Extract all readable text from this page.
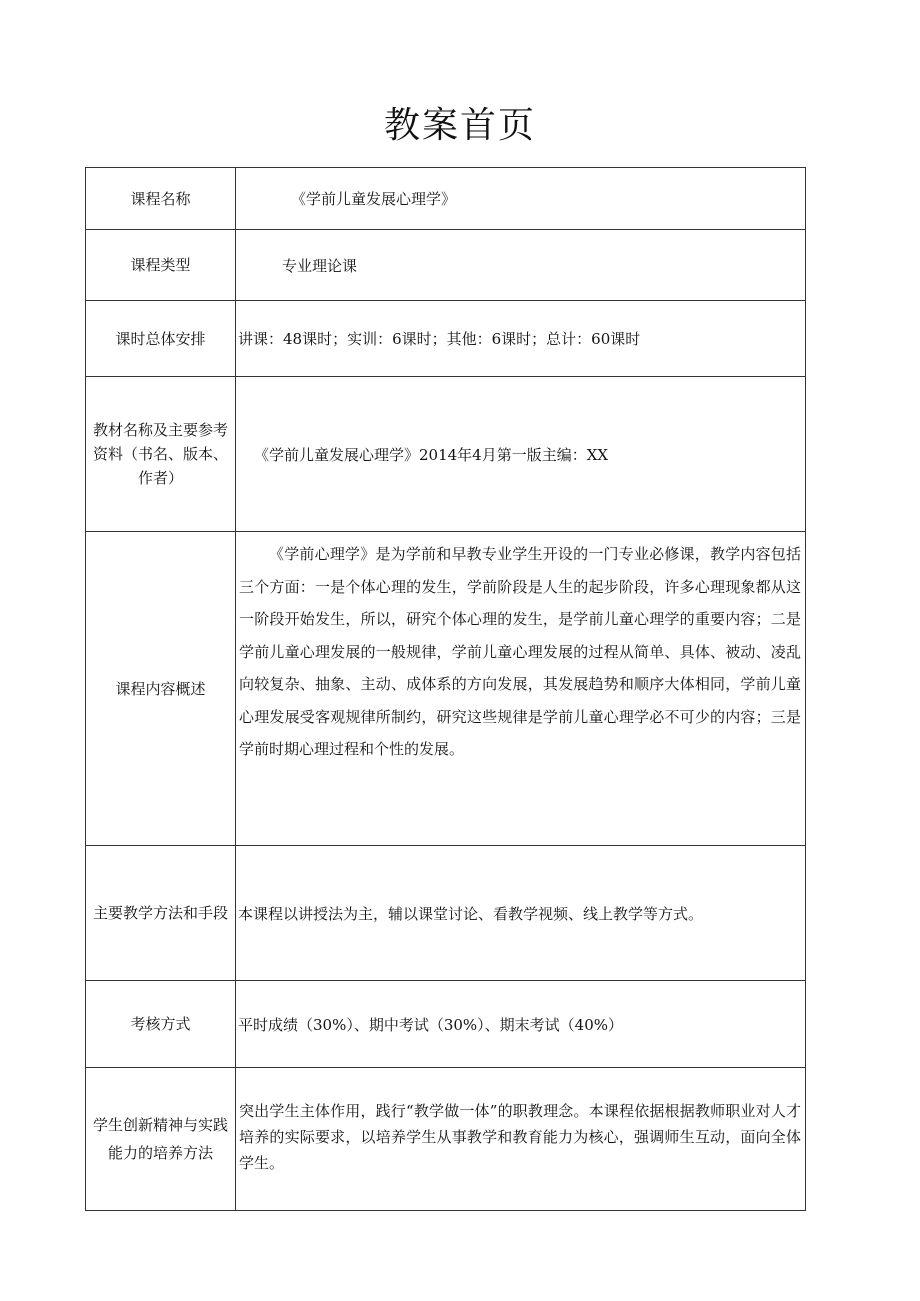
教案首页
课程名称	《学前儿童发展心理学》
课程类型	专业理论课
课时总体安排	讲课：48课时；实训：6课时；其他：6课时；总计：60课时
教材名称及主要参考资料（书名、版本、作者）	《学前儿童发展心理学》2014年4月第一版主编：XX
课程内容概述	《学前心理学》是为学前和早教专业学生开设的一门专业必修课，教学内容包括三个方面：一是个体心理的发生，学前阶段是人生的起步阶段，许多心理现象都从这一阶段开始发生，所以，研究个体心理的发生，是学前儿童心理学的重要内容；二是学前儿童心理发展的一般规律，学前儿童心理发展的过程从简单、具体、被动、凌乱向较复杂、抽象、主动、成体系的方向发展，其发展趋势和顺序大体相同，学前儿童心理发展受客观规律所制约，研究这些规律是学前儿童心理学必不可少的内容；三是学前时期心理过程和个性的发展。

主要教学方法和手段	本课程以讲授法为主，辅以课堂讨论、看教学视频、线上教学等方式。
考核方式	平时成绩（30%）、期中考试（30%）、期末考试（40%）
学生创新精神与实践能力的培养方法	突出学生主体作用，践行“教学做一体”的职教理念。本课程依据根据教师职业对人才培养的实际要求，以培养学生从事教学和教育能力为核心，强调师生互动，面向全体学生。
